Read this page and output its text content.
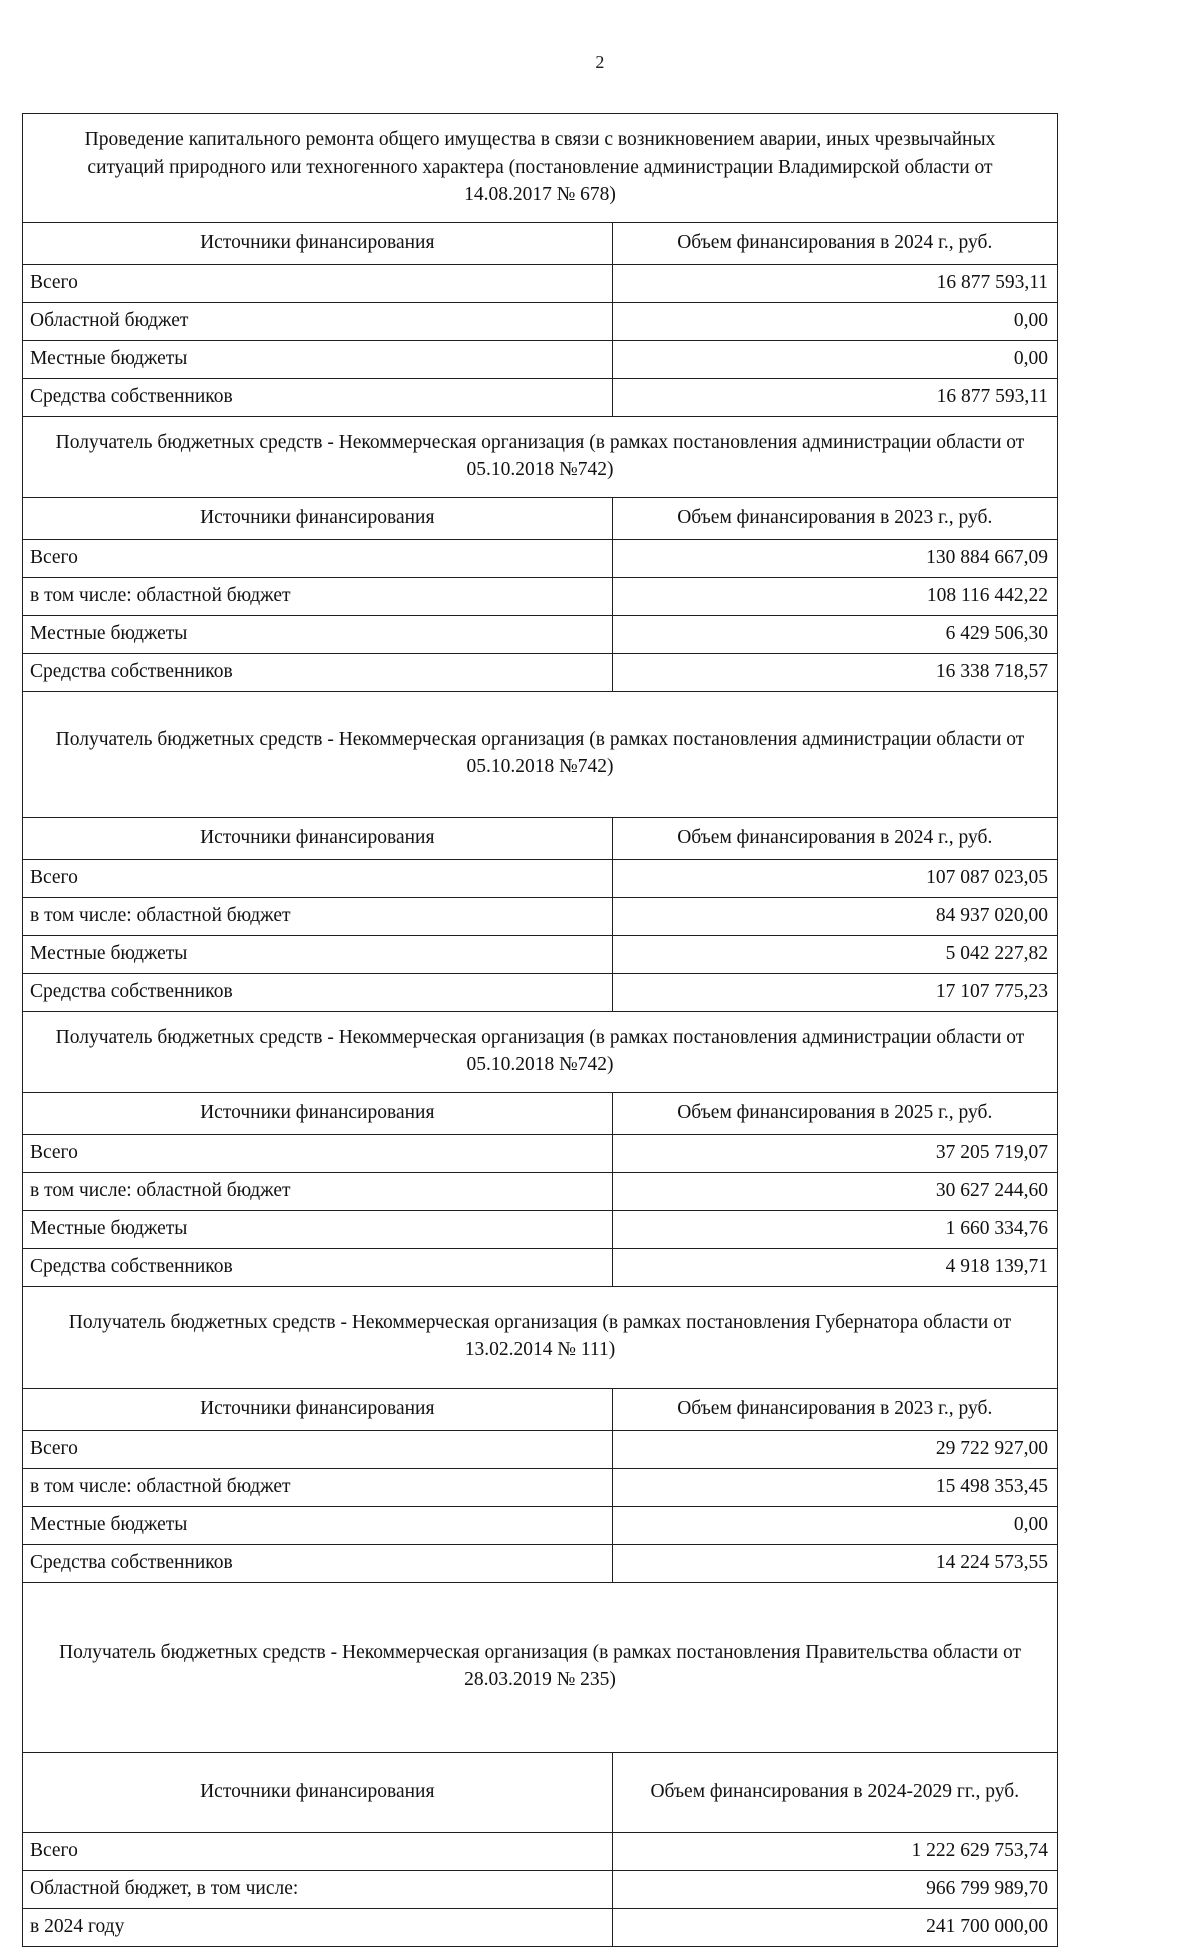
2
Проведение капитального ремонта общего имущества в связи с возникновением аварии, иных чрезвычайных ситуаций природного или техногенного характера (постановление администрации Владимирской области от 14.08.2017 № 678)	
Источники финансирования	Объем финансирования в 2024 г., руб.
Всего	16 877 593,11
Областной бюджет	0,00
Местные бюджеты	0,00
Средства собственников	16 877 593,11
Получатель бюджетных средств - Некоммерческая организация (в рамках постановления администрации области от 05.10.2018 №742)	
Источники финансирования	Объем финансирования в 2023 г., руб.
Всего	130 884 667,09
в том числе: областной бюджет	108 116 442,22
Местные бюджеты	6 429 506,30
Средства собственников	16 338 718,57
Получатель бюджетных средств - Некоммерческая организация (в рамках постановления администрации области от 05.10.2018 №742)	
Источники финансирования	Объем финансирования в 2024 г., руб.
Всего	107 087 023,05
в том числе: областной бюджет	84 937 020,00
Местные бюджеты	5 042 227,82
Средства собственников	17 107 775,23
Получатель бюджетных средств - Некоммерческая организация (в рамках постановления администрации области от 05.10.2018 №742)	
Источники финансирования	Объем финансирования в 2025 г., руб.
Всего	37 205 719,07
в том числе: областной бюджет	30 627 244,60
Местные бюджеты	1 660 334,76
Средства собственников	4 918 139,71
Получатель бюджетных средств - Некоммерческая организация (в рамках постановления Губернатора области от 13.02.2014 № 111)	
Источники финансирования	Объем финансирования в 2023 г., руб.
Всего	29 722 927,00
в том числе: областной бюджет	15 498 353,45
Местные бюджеты	0,00
Средства собственников	14 224 573,55
Получатель бюджетных средств - Некоммерческая организация (в рамках постановления Правительства области от 28.03.2019 № 235)	
Источники финансирования	Объем финансирования в 2024-2029 гг., руб.
Всего	1 222 629 753,74
Областной бюджет, в том числе:	966 799 989,70
в 2024 году	241 700 000,00
